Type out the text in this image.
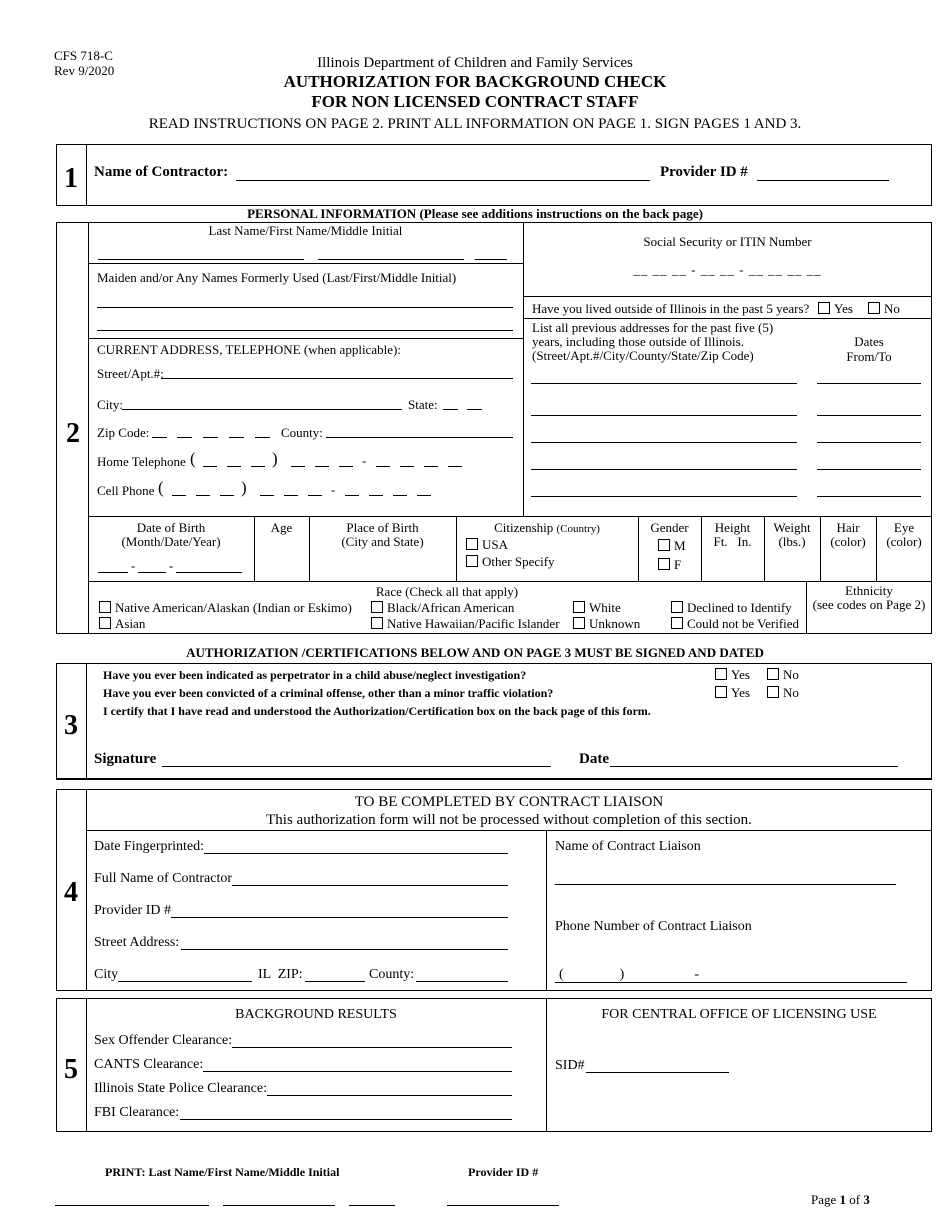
CFS 718-C
Rev 9/2020	Illinois Department of Children and Family Services
AUTHORIZATION FOR BACKGROUND CHECK
FOR NON LICENSED CONTRACT STAFF
READ INSTRUCTIONS ON PAGE 2. PRINT ALL INFORMATION ON PAGE 1. SIGN PAGES 1 AND 3.
1	Name of Contractor:	Provider ID #
PERSONAL INFORMATION (Please see additions instructions on the back page)
2
Last Name/First Name/Middle Initial
Maiden and/or Any Names Formerly Used (Last/First/Middle Initial)
CURRENT ADDRESS, TELEPHONE (when applicable):
Street/Apt.#:
City:	State:
Zip Code:	County:
Home Telephone (	)	-
Cell Phone (	)	-
Social Security or ITIN Number
__ __ __ - __ __ - __ __ __ __
Have you lived outside of Illinois in the past 5 years?	Yes	No
List all previous addresses for the past five (5) years, including those outside of Illinois. (Street/Apt.#/City/County/State/Zip Code)
Dates
From/To
Date of Birth
(Month/Date/Year)
-	-
Age	Place of Birth
(City and State)
Citizenship (Country)
USA
Other Specify
Gender
M
F
Height
Ft.   In.
Weight
(lbs.)
Hair
(color)
Eye
(color)
Race (Check all that apply)
Native American/Alaskan (Indian or Eskimo)	Black/African American	White	Declined to Identify
Asian	Native Hawaiian/Pacific Islander	Unknown	Could not be Verified
Ethnicity
(see codes on Page 2)
AUTHORIZATION /CERTIFICATIONS BELOW AND ON PAGE 3 MUST BE SIGNED AND DATED
3
Have you ever been indicated as perpetrator in a child abuse/neglect investigation?	Yes	No
Have you ever been convicted of a criminal offense, other than a minor traffic violation?	Yes	No
I certify that I have read and understood the Authorization/Certification box on the back page of this form.
Signature	Date
4
TO BE COMPLETED BY CONTRACT LIAISON
This authorization form will not be processed without completion of this section.
Date Fingerprinted:
Full Name of Contractor
Provider ID #
Street Address:
City	IL  ZIP:	County:
Name of Contract Liaison
Phone Number of Contract Liaison
(                )                    -
5
BACKGROUND RESULTS
Sex Offender Clearance:
CANTS Clearance:
Illinois State Police Clearance:
FBI Clearance:
FOR CENTRAL OFFICE OF LICENSING USE
SID#
PRINT: Last Name/First Name/Middle Initial	Provider ID #
Page 1 of 3
